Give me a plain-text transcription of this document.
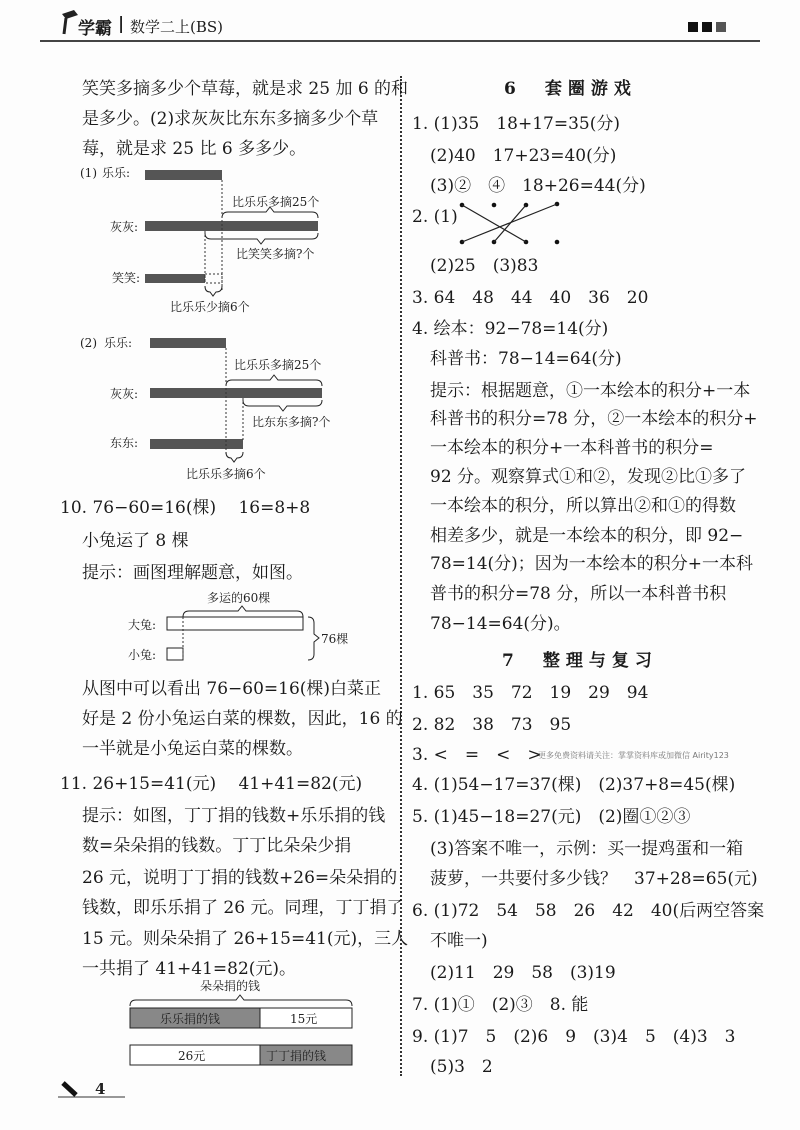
学霸 | 数学二上(BS)
笑笑多摘多少个草莓，就是求 25 加 6 的和
是多少。(2)求灰灰比东东多摘多少个草
莓，就是求 25 比 6 多多少。
10. 76−60=16(棵)　 16=8+8
小兔运了 8 棵
提示：画图理解题意，如图。
从图中可以看出 76−60=16(棵)白菜正
好是 2 份小兔运白菜的棵数，因此，16 的
一半就是小兔运白菜的棵数。
11. 26+15=41(元)　 41+41=82(元)
提示：如图，丁丁捐的钱数+乐乐捐的钱
数=朵朵捐的钱数。丁丁比朵朵少捐
26 元，说明丁丁捐的钱数+26=朵朵捐的
钱数，即乐乐捐了 26 元。同理，丁丁捐了
15 元。则朵朵捐了 26+15=41(元)，三人
一共捐了 41+41=82(元)。
1. (1)35　18+17=35(分)
(2)40　17+23=40(分)
(3)②　④　18+26=44(分)
2. (1)
(2)25　(3)83
3. 64　48　44　40　36　20
4. 绘本：92−78=14(分)
科普书：78−14=64(分)
提示：根据题意，①一本绘本的积分+一本
科普书的积分=78 分，②一本绘本的积分+
一本绘本的积分+一本科普书的积分=
92 分。观察算式①和②，发现②比①多了
一本绘本的积分，所以算出②和①的得数
相差多少，就是一本绘本的积分，即 92−
78=14(分)；因为一本绘本的积分+一本科
普书的积分=78 分，所以一本科普书积
78−14=64(分)。
1. 65　35　72　19　29　94
2. 82　38　73　95
3. <　=　<　>
4. (1)54−17=37(棵)　(2)37+8=45(棵)
5. (1)45−18=27(元)　(2)圈①②③
(3)答案不唯一，示例：买一提鸡蛋和一箱
菠萝，一共要付多少钱？　37+28=65(元)
6. (1)72　54　58　26　42　40(后两空答案
不唯一)
(2)11　29　58　(3)19
7. (1)①　(2)③　8. 能
9. (1)7　5　(2)6　9　(3)4　5　(4)3　3
(5)3　2
6　套圈游戏
7　整理与复习
更多免费资料请关注：掌掌资料库或加微信 Airity123
(1) 乐乐:
灰灰:
比乐乐多摘25个
比笑笑多摘?个
笑笑:
比乐乐少摘6个
(2) 乐乐:
灰灰:
比乐乐多摘25个
比东东多摘?个
东东:
比乐乐多摘6个
多运的60棵
大兔:
小兔:
76棵
朵朵捐的钱
乐乐捐的钱	15元
26元	丁丁捐的钱
4
